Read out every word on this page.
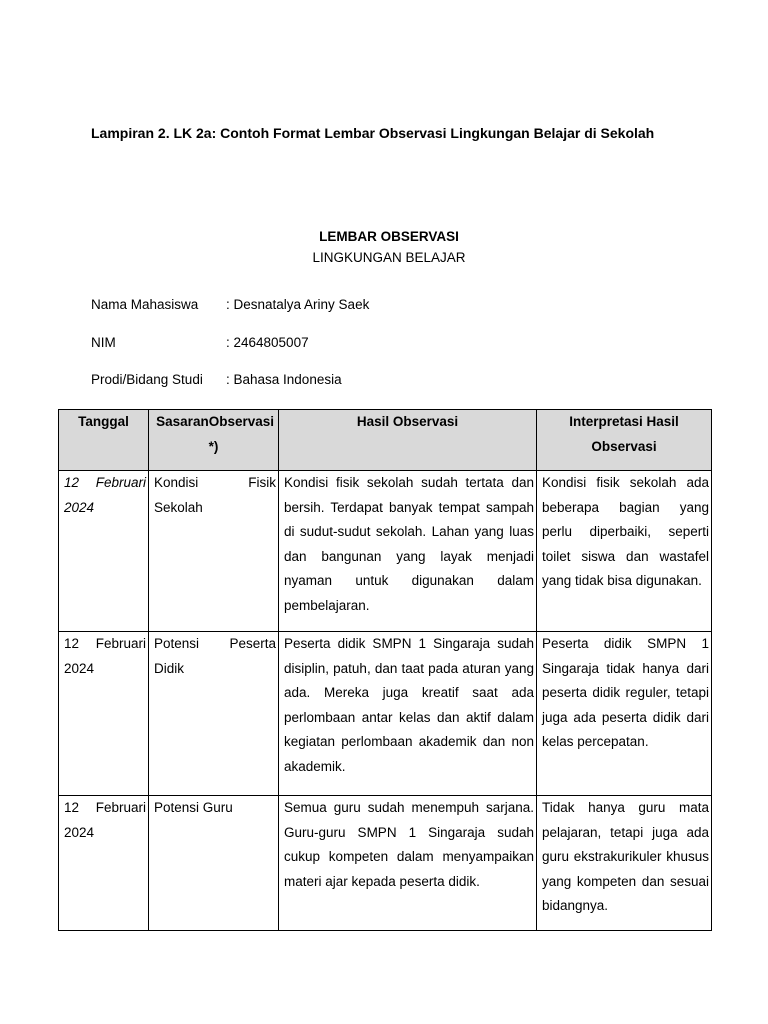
Lampiran 2. LK 2a: Contoh Format Lembar Observasi Lingkungan Belajar di Sekolah
LEMBAR OBSERVASI
LINGKUNGAN BELAJAR
Nama Mahasiswa : Desnatalya Ariny Saek
NIM	: 2464805007
Prodi/Bidang Studi : Bahasa Indonesia
Tanggal	SasaranObservasi*)	Hasil Observasi	Interpretasi Hasil Observasi
12 Februari 2024	Kondisi Fisik Sekolah	Kondisi fisik sekolah sudah tertata dan bersih. Terdapat banyak tempat sampah di sudut-sudut sekolah. Lahan yang luas dan bangunan yang layak menjadi nyaman untuk digunakan dalam pembelajaran.	Kondisi fisik sekolah ada beberapa bagian yang perlu diperbaiki, seperti toilet siswa dan wastafel yang tidak bisa digunakan.
12 Februari 2024	Potensi Peserta Didik	Peserta didik SMPN 1 Singaraja sudah disiplin, patuh, dan taat pada aturan yang ada. Mereka juga kreatif saat ada perlombaan antar kelas dan aktif dalam kegiatan perlombaan akademik dan non akademik.	Peserta didik SMPN 1 Singaraja tidak hanya dari peserta didik reguler, tetapi juga ada peserta didik dari kelas percepatan.
12 Februari 2024	Potensi Guru	Semua guru sudah menempuh sarjana. Guru-guru SMPN 1 Singaraja sudah cukup kompeten dalam menyampaikan materi ajar kepada peserta didik.	Tidak hanya guru mata pelajaran, tetapi juga ada guru ekstrakurikuler khusus yang kompeten dan sesuai bidangnya.
